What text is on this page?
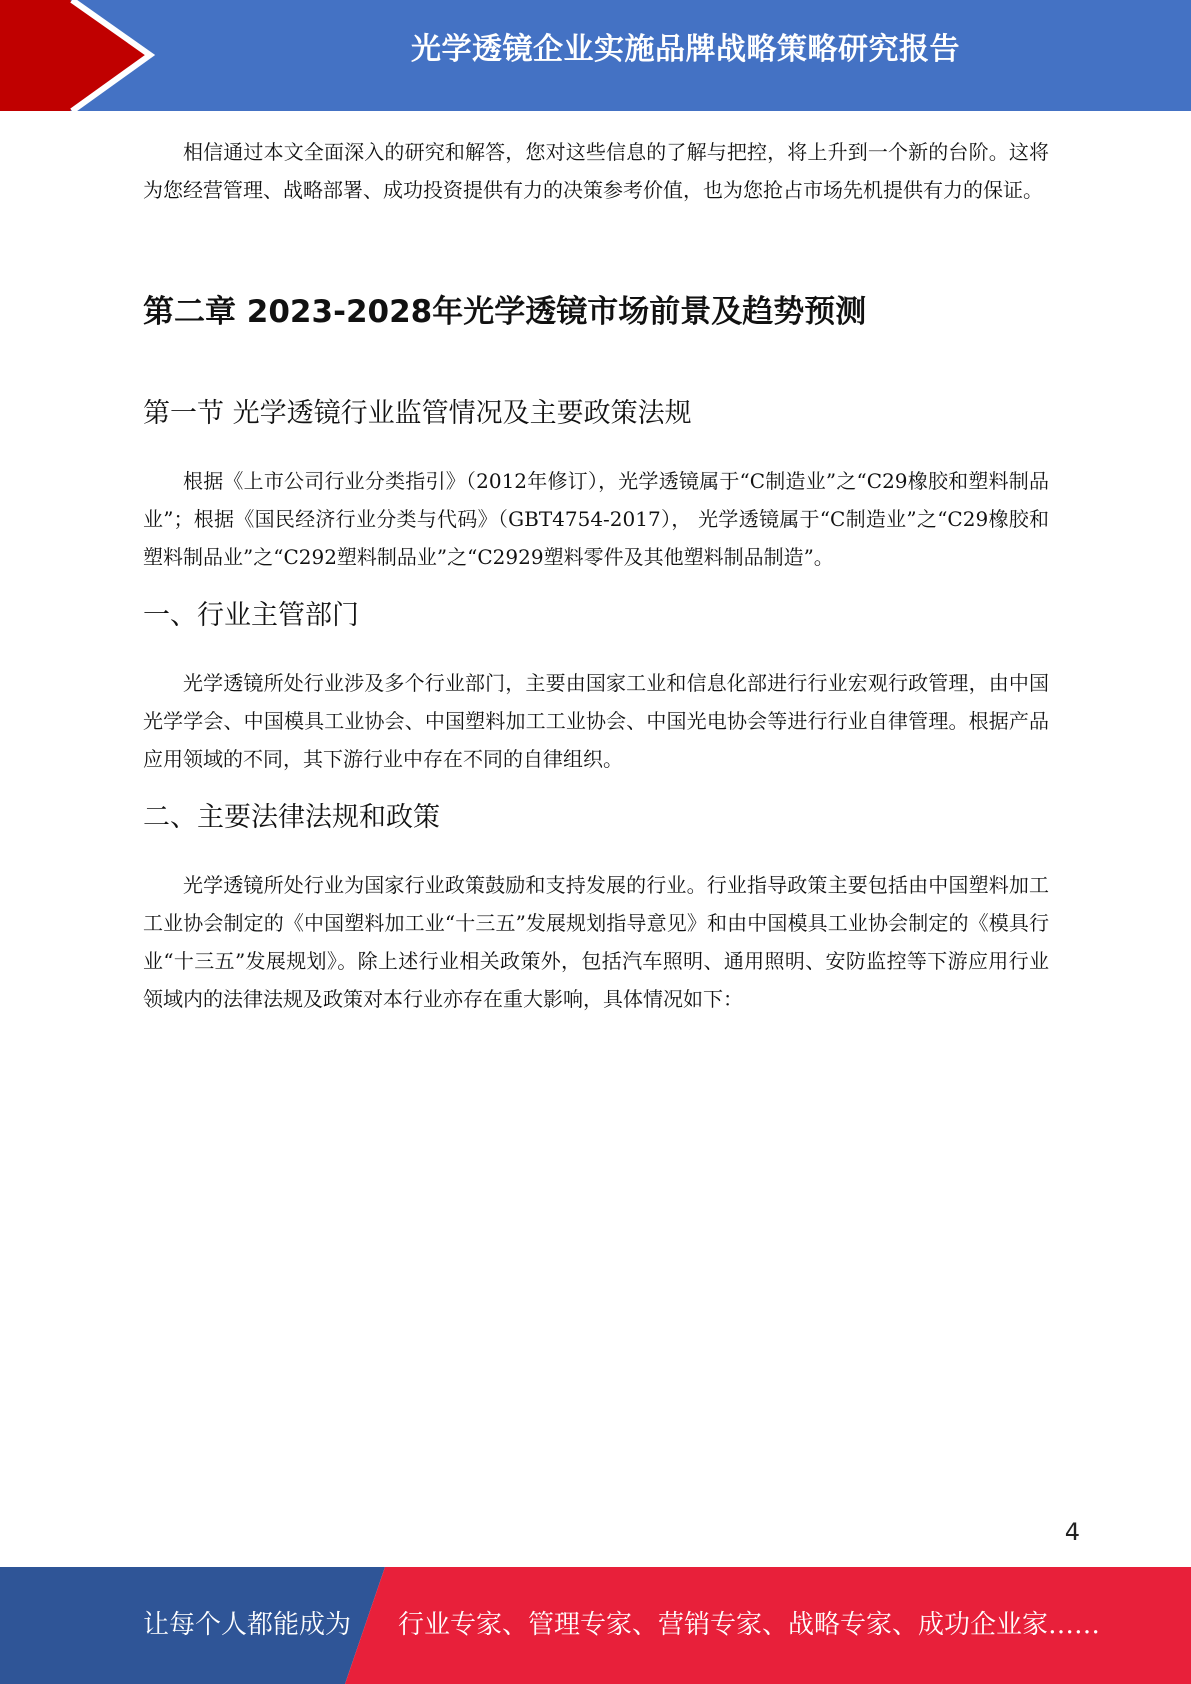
光学透镜企业实施品牌战略策略研究报告

相信通过本文全面深入的研究和解答，您对这些信息的了解与把控，将上升到一个新的台阶。这将为您经营管理、战略部署、成功投资提供有力的决策参考价值，也为您抢占市场先机提供有力的保证。

第二章 2023-2028年光学透镜市场前景及趋势预测
第一节 光学透镜行业监管情况及主要政策法规

根据《上市公司行业分类指引》（2012年修订），光学透镜属于“C制造业”之“C29橡胶和塑料制品业”；根据《国民经济行业分类与代码》（GBT4754-2017）， 光学透镜属于“C制造业”之“C29橡胶和塑料制品业”之“C292塑料制品业”之“C2929塑料零件及其他塑料制品制造”。

一、行业主管部门

光学透镜所处行业涉及多个行业部门，主要由国家工业和信息化部进行行业宏观行政管理，由中国光学学会、中国模具工业协会、中国塑料加工工业协会、中国光电协会等进行行业自律管理。根据产品应用领域的不同，其下游行业中存在不同的自律组织。

二、主要法律法规和政策

光学透镜所处行业为国家行业政策鼓励和支持发展的行业。行业指导政策主要包括由中国塑料加工工业协会制定的《中国塑料加工业“十三五”发展规划指导意见》和由中国模具工业协会制定的《模具行业“十三五”发展规划》。除上述行业相关政策外，包括汽车照明、通用照明、安防监控等下游应用行业领域内的法律法规及政策对本行业亦存在重大影响，具体情况如下：

4
让每个人都能成为 行业专家、管理专家、营销专家、战略专家、成功企业家……
